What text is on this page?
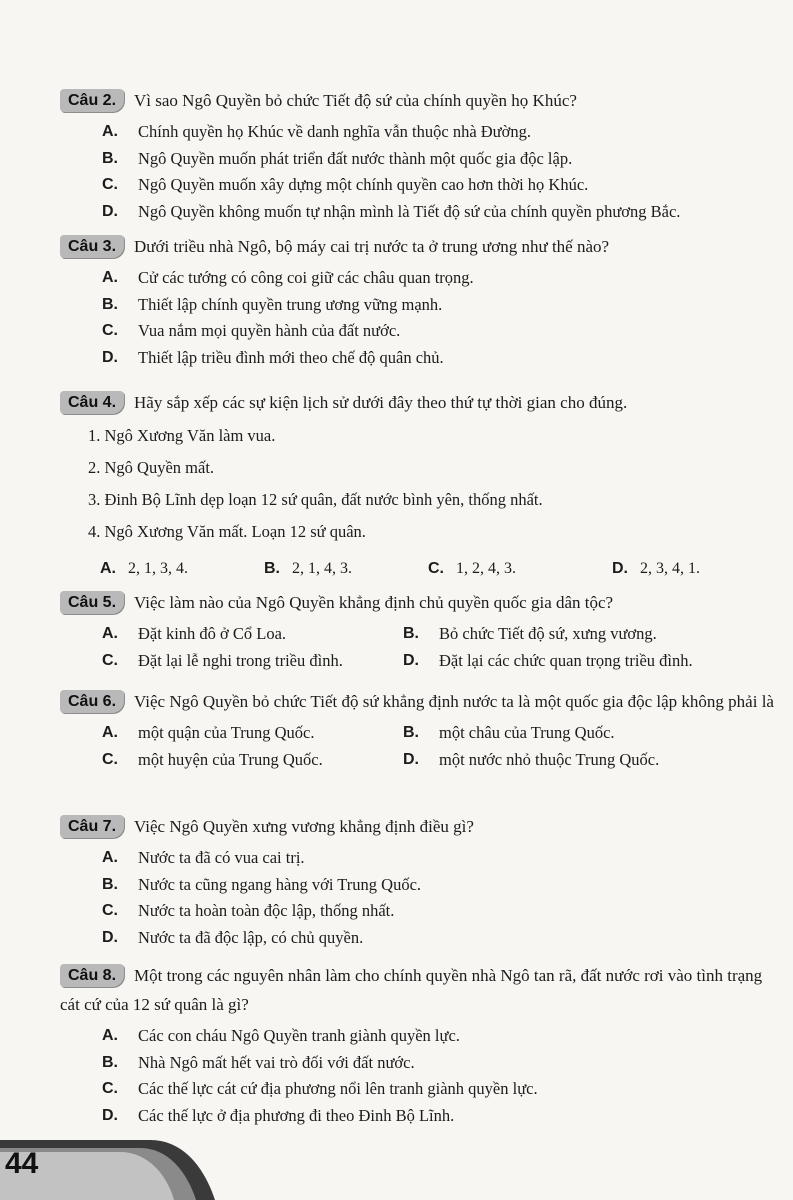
Câu 2. Vì sao Ngô Quyền bỏ chức Tiết độ sứ của chính quyền họ Khúc?
A. Chính quyền họ Khúc về danh nghĩa vẫn thuộc nhà Đường.
B. Ngô Quyền muốn phát triển đất nước thành một quốc gia độc lập.
C. Ngô Quyền muốn xây dựng một chính quyền cao hơn thời họ Khúc.
D. Ngô Quyền không muốn tự nhận mình là Tiết độ sứ của chính quyền phương Bắc.
Câu 3. Dưới triều nhà Ngô, bộ máy cai trị nước ta ở trung ương như thế nào?
A. Cử các tướng có công coi giữ các châu quan trọng.
B. Thiết lập chính quyền trung ương vững mạnh.
C. Vua nắm mọi quyền hành của đất nước.
D. Thiết lập triều đình mới theo chế độ quân chủ.
Câu 4. Hãy sắp xếp các sự kiện lịch sử dưới đây theo thứ tự thời gian cho đúng.
1. Ngô Xương Văn làm vua.
2. Ngô Quyền mất.
3. Đinh Bộ Lĩnh dẹp loạn 12 sứ quân, đất nước bình yên, thống nhất.
4. Ngô Xương Văn mất. Loạn 12 sứ quân.
A. 2, 1, 3, 4.	B. 2, 1, 4, 3.	C. 1, 2, 4, 3.	D. 2, 3, 4, 1.
Câu 5. Việc làm nào của Ngô Quyền khẳng định chủ quyền quốc gia dân tộc?
A. Đặt kinh đô ở Cổ Loa.	B. Bỏ chức Tiết độ sứ, xưng vương.
C. Đặt lại lễ nghi trong triều đình.	D. Đặt lại các chức quan trọng triều đình.
Câu 6. Việc Ngô Quyền bỏ chức Tiết độ sứ khẳng định nước ta là một quốc gia độc lập không phải là
A. một quận của Trung Quốc.	B. một châu của Trung Quốc.
C. một huyện của Trung Quốc.	D. một nước nhỏ thuộc Trung Quốc.
Câu 7. Việc Ngô Quyền xưng vương khẳng định điều gì?
A. Nước ta đã có vua cai trị.
B. Nước ta cũng ngang hàng với Trung Quốc.
C. Nước ta hoàn toàn độc lập, thống nhất.
D. Nước ta đã độc lập, có chủ quyền.
Câu 8. Một trong các nguyên nhân làm cho chính quyền nhà Ngô tan rã, đất nước rơi vào tình trạng cát cứ của 12 sứ quân là gì?
A. Các con cháu Ngô Quyền tranh giành quyền lực.
B. Nhà Ngô mất hết vai trò đối với đất nước.
C. Các thế lực cát cứ địa phương nổi lên tranh giành quyền lực.
D. Các thế lực ở địa phương đi theo Đinh Bộ Lĩnh.
44
